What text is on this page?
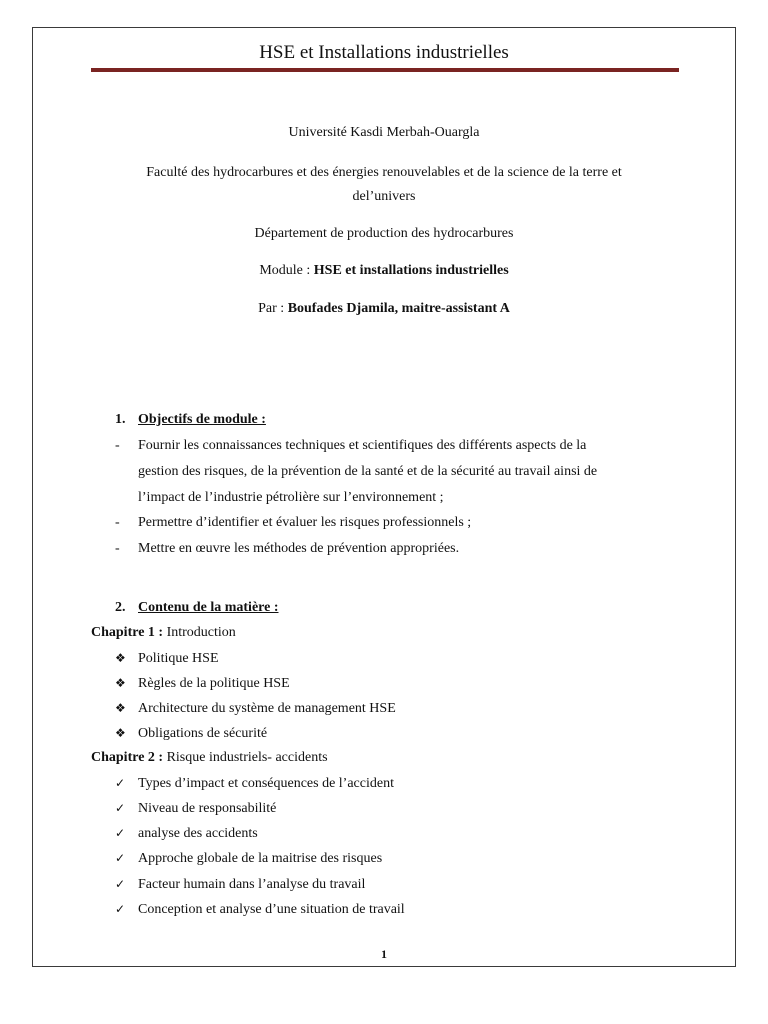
HSE et Installations industrielles
Université Kasdi Merbah-Ouargla
Faculté des hydrocarbures et des énergies renouvelables et de la science de la terre et
del’univers
Département de production des hydrocarbures
Module : HSE et installations industrielles
Par : Boufades Djamila, maitre-assistant A
1. Objectifs de module :
- Fournir les connaissances techniques et scientifiques des différents aspects de la
gestion des risques, de la prévention de la santé et de la sécurité au travail ainsi de
l’impact de l’industrie pétrolière sur l’environnement ;
- Permettre d’identifier et évaluer les risques professionnels ;
- Mettre en œuvre les méthodes de prévention appropriées.
2. Contenu de la matière :
Chapitre 1 : Introduction
❖ Politique HSE
❖ Règles de la politique HSE
❖ Architecture du système de management HSE
❖ Obligations de sécurité
Chapitre 2 : Risque industriels- accidents
✓ Types d’impact et conséquences de l’accident
✓ Niveau de responsabilité
✓ analyse des accidents
✓ Approche globale de la maitrise des risques
✓ Facteur humain dans l’analyse du travail
✓ Conception et analyse d’une situation de travail
1
